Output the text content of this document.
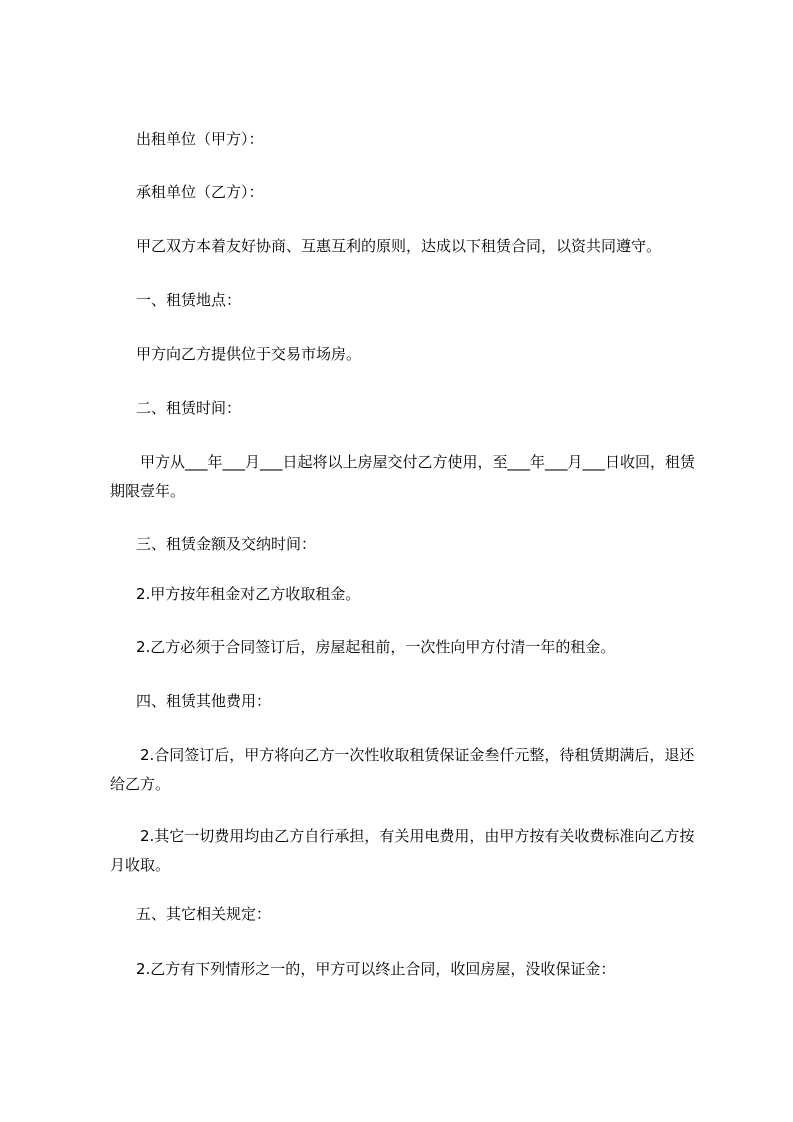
出租单位（甲方）：

承租单位（乙方）：

甲乙双方本着友好协商、互惠互利的原则，达成以下租赁合同，以资共同遵守。

一、租赁地点：

甲方向乙方提供位于交易市场房。

二、租赁时间：

甲方从___年___月___日起将以上房屋交付乙方使用，至___年___月___日收回，租赁期限壹年。

三、租赁金额及交纳时间：

2.甲方按年租金对乙方收取租金。

2.乙方必须于合同签订后，房屋起租前，一次性向甲方付清一年的租金。

四、租赁其他费用：

2.合同签订后，甲方将向乙方一次性收取租赁保证金叁仟元整，待租赁期满后，退还给乙方。

2.其它一切费用均由乙方自行承担，有关用电费用，由甲方按有关收费标准向乙方按月收取。

五、其它相关规定：

2.乙方有下列情形之一的，甲方可以终止合同，收回房屋，没收保证金：
